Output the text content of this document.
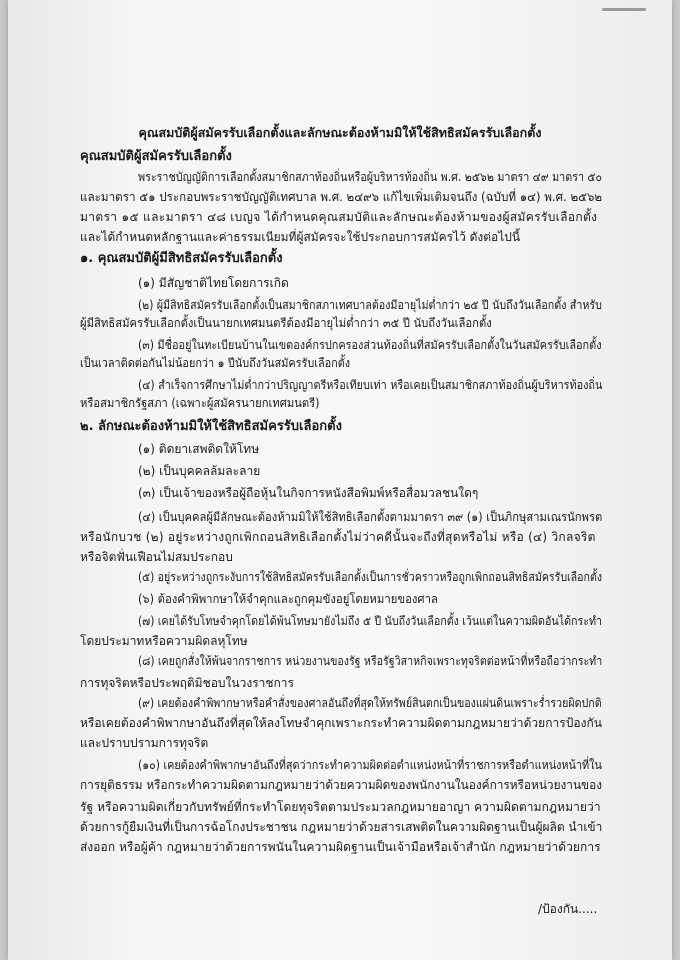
คุณสมบัติผู้สมัครรับเลือกตั้งและลักษณะต้องห้ามมิให้ใช้สิทธิสมัครรับเลือกตั้ง
คุณสมบัติผู้สมัครรับเลือกตั้ง
พระราชบัญญัติการเลือกตั้งสมาชิกสภาท้องถิ่นหรือผู้บริหารท้องถิ่น พ.ศ. ๒๕๖๒ มาตรา ๔๙ มาตรา ๕๐
และมาตรา ๕๑ ประกอบพระราชบัญญัติเทศบาล พ.ศ. ๒๔๙๖ แก้ไขเพิ่มเติมจนถึง (ฉบับที่ ๑๔) พ.ศ. ๒๕๖๒
มาตรา ๑๕ และมาตรา ๔๘ เบญจ ได้กำหนดคุณสมบัติและลักษณะต้องห้ามของผู้สมัครรับเลือกตั้ง
และได้กำหนดหลักฐานและค่าธรรมเนียมที่ผู้สมัครจะใช้ประกอบการสมัครไว้ ดังต่อไปนี้
๑. คุณสมบัติผู้มีสิทธิสมัครรับเลือกตั้ง
(๑) มีสัญชาติไทยโดยการเกิด
(๒) ผู้มีสิทธิสมัครรับเลือกตั้งเป็นสมาชิกสภาเทศบาลต้องมีอายุไม่ต่ำกว่า ๒๕ ปี นับถึงวันเลือกตั้ง สำหรับ
ผู้มีสิทธิสมัครรับเลือกตั้งเป็นนายกเทศมนตรีต้องมีอายุไม่ต่ำกว่า ๓๕ ปี นับถึงวันเลือกตั้ง
(๓) มีชื่ออยู่ในทะเบียนบ้านในเขตองค์กรปกครองส่วนท้องถิ่นที่สมัครรับเลือกตั้งในวันสมัครรับเลือกตั้ง
เป็นเวลาติดต่อกันไม่น้อยกว่า ๑ ปีนับถึงวันสมัครรับเลือกตั้ง
(๔) สำเร็จการศึกษาไม่ต่ำกว่าปริญญาตรีหรือเทียบเท่า หรือเคยเป็นสมาชิกสภาท้องถิ่นผู้บริหารท้องถิ่น
หรือสมาชิกรัฐสภา (เฉพาะผู้สมัครนายกเทศมนตรี)
๒. ลักษณะต้องห้ามมิให้ใช้สิทธิสมัครรับเลือกตั้ง
(๑) ติดยาเสพติดให้โทษ
(๒) เป็นบุคคลล้มละลาย
(๓) เป็นเจ้าของหรือผู้ถือหุ้นในกิจการหนังสือพิมพ์หรือสื่อมวลชนใดๆ
(๔) เป็นบุคคลผู้มีลักษณะต้องห้ามมิให้ใช้สิทธิเลือกตั้งตามมาตรา ๓๙ (๑) เป็นภิกษุสามเณรนักพรต
หรือนักบวช (๒) อยู่ระหว่างถูกเพิกถอนสิทธิเลือกตั้งไม่ว่าคดีนั้นจะถึงที่สุดหรือไม่ หรือ (๔) วิกลจริต
หรือจิตฟั่นเฟือนไม่สมประกอบ
(๕) อยู่ระหว่างถูกระงับการใช้สิทธิสมัครรับเลือกตั้งเป็นการชั่วคราวหรือถูกเพิกถอนสิทธิสมัครรับเลือกตั้ง
(๖) ต้องคำพิพากษาให้จำคุกและถูกคุมขังอยู่โดยหมายของศาล
(๗) เคยได้รับโทษจำคุกโดยได้พ้นโทษมายังไม่ถึง ๕ ปี นับถึงวันเลือกตั้ง เว้นแต่ในความผิดอันได้กระทำ
โดยประมาทหรือความผิดลหุโทษ
(๘) เคยถูกสั่งให้พ้นจากราชการ หน่วยงานของรัฐ หรือรัฐวิสาหกิจเพราะทุจริตต่อหน้าที่หรือถือว่ากระทำ
การทุจริตหรือประพฤติมิชอบในวงราชการ
(๙) เคยต้องคำพิพากษาหรือคำสั่งของศาลอันถึงที่สุดให้ทรัพย์สินตกเป็นของแผ่นดินเพราะร่ำรวยผิดปกติ
หรือเคยต้องคำพิพากษาอันถึงที่สุดให้ลงโทษจำคุกเพราะกระทำความผิดตามกฎหมายว่าด้วยการป้องกัน
และปราบปรามการทุจริต
(๑๐) เคยต้องคำพิพากษาอันถึงที่สุดว่ากระทำความผิดต่อตำแหน่งหน้าที่ราชการหรือตำแหน่งหน้าที่ใน
การยุติธรรม หรือกระทำความผิดตามกฎหมายว่าด้วยความผิดของพนักงานในองค์การหรือหน่วยงานของ
รัฐ หรือความผิดเกี่ยวกับทรัพย์ที่กระทำโดยทุจริตตามประมวลกฎหมายอาญา ความผิดตามกฎหมายว่า
ด้วยการกู้ยืมเงินที่เป็นการฉ้อโกงประชาชน กฎหมายว่าด้วยสารเสพติดในความผิดฐานเป็นผู้ผลิต นำเข้า
ส่งออก หรือผู้ค้า กฎหมายว่าด้วยการพนันในความผิดฐานเป็นเจ้ามือหรือเจ้าสำนัก กฎหมายว่าด้วยการ
/ป้องกัน.....
